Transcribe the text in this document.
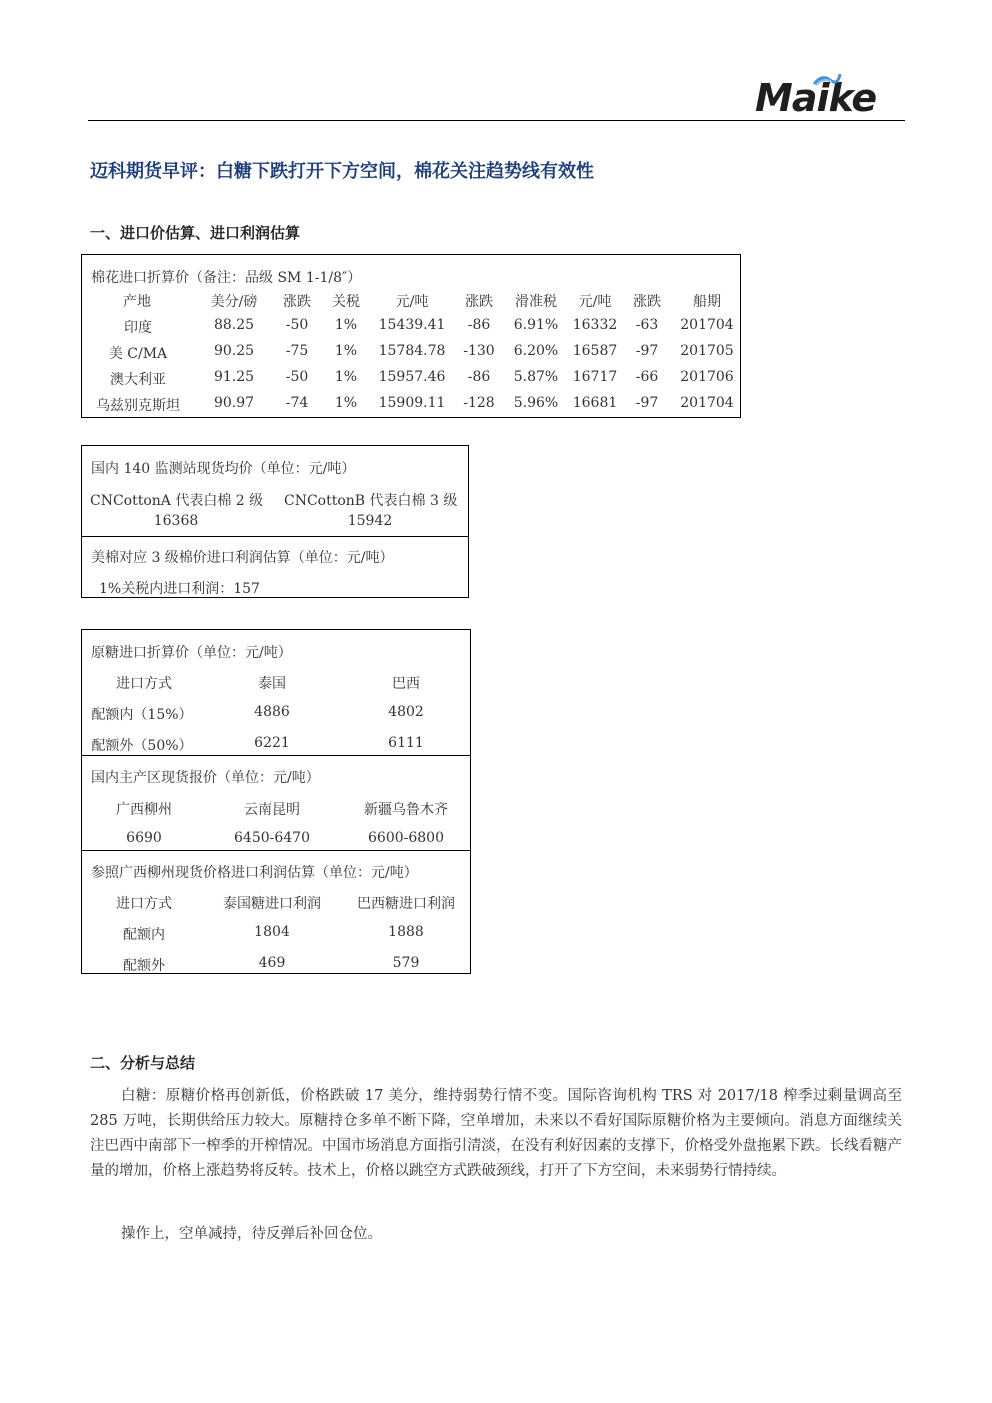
Maike
迈科期货早评：白糖下跌打开下方空间，棉花关注趋势线有效性
一、进口价估算、进口利润估算
棉花进口折算价（备注：品级 SM 1-1/8″）
产地	美分/磅	涨跌	关税	元/吨	涨跌	滑准税	元/吨	涨跌	船期
印度	88.25	-50	1%	15439.41	-86	6.91%	16332	-63	201704
美 C/MA	90.25	-75	1%	15784.78	-130	6.20%	16587	-97	201705
澳大利亚	91.25	-50	1%	15957.46	-86	5.87%	16717	-66	201706
乌兹别克斯坦	90.97	-74	1%	15909.11	-128	5.96%	16681	-97	201704
国内 140 监测站现货均价（单位：元/吨）
CNCottonA 代表白棉 2 级 CNCottonB 代表白棉 3 级
16368	15942
美棉对应 3 级棉价进口利润估算（单位：元/吨）
1%关税内进口利润：157
原糖进口折算价（单位：元/吨）
进口方式	泰国	巴西
配额内（15%）	4886	4802
配额外（50%）	6221	6111
国内主产区现货报价（单位：元/吨）
广西柳州	云南昆明	新疆乌鲁木齐
6690	6450-6470	6600-6800
参照广西柳州现货价格进口利润估算（单位：元/吨）
进口方式	泰国糖进口利润	巴西糖进口利润
配额内	1804	1888
配额外	469	579
二、分析与总结

白糖：原糖价格再创新低，价格跌破 17 美分，维持弱势行情不变。国际咨询机构 TRS 对 2017/18 榨季过剩量调高至 285 万吨，长期供给压力较大。原糖持仓多单不断下降，空单增加，未来以不看好国际原糖价格为主要倾向。消息方面继续关注巴西中南部下一榨季的开榨情况。中国市场消息方面指引清淡，在没有利好因素的支撑下，价格受外盘拖累下跌。长线看糖产量的增加，价格上涨趋势将反转。技术上，价格以跳空方式跌破颈线，打开了下方空间，未来弱势行情持续。

操作上，空单减持，待反弹后补回仓位。
